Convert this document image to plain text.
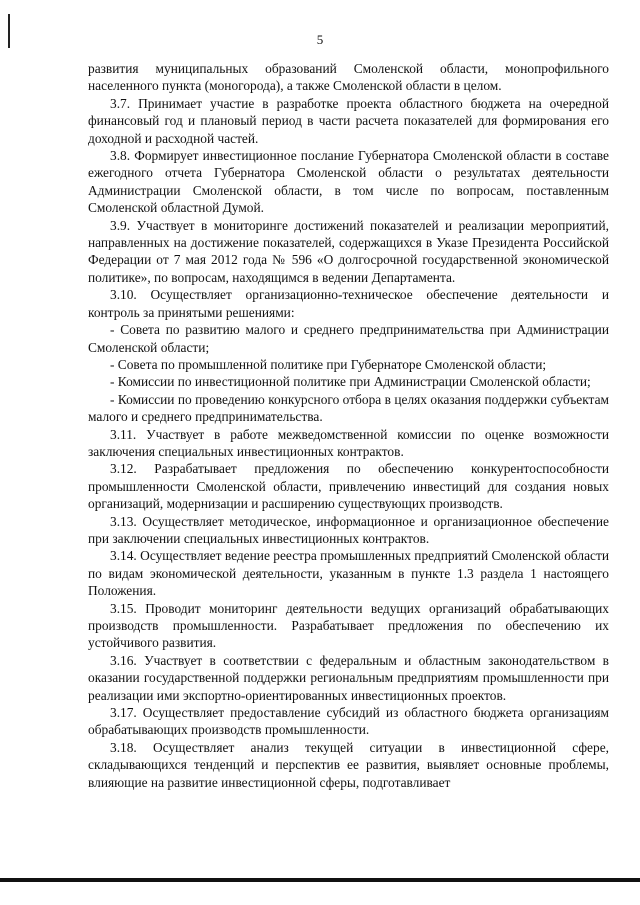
5

развития муниципальных образований Смоленской области, монопрофильного населенного пункта (моногорода), а также Смоленской области в целом.

3.7. Принимает участие в разработке проекта областного бюджета на очередной финансовый год и плановый период в части расчета показателей для формирования его доходной и расходной частей.

3.8. Формирует инвестиционное послание Губернатора Смоленской области в составе ежегодного отчета Губернатора Смоленской области о результатах деятельности Администрации Смоленской области, в том числе по вопросам, поставленным Смоленской областной Думой.

3.9. Участвует в мониторинге достижений показателей и реализации мероприятий, направленных на достижение показателей, содержащихся в Указе Президента Российской Федерации от 7 мая 2012 года № 596 «О долгосрочной государственной экономической политике», по вопросам, находящимся в ведении Департамента.

3.10. Осуществляет организационно-техническое обеспечение деятельности и контроль за принятыми решениями:

- Совета по развитию малого и среднего предпринимательства при Администрации Смоленской области;

- Совета по промышленной политике при Губернаторе Смоленской области;

- Комиссии по инвестиционной политике при Администрации Смоленской области;

- Комиссии по проведению конкурсного отбора в целях оказания поддержки субъектам малого и среднего предпринимательства.

3.11. Участвует в работе межведомственной комиссии по оценке возможности заключения специальных инвестиционных контрактов.

3.12. Разрабатывает предложения по обеспечению конкурентоспособности промышленности Смоленской области, привлечению инвестиций для создания новых организаций, модернизации и расширению существующих производств.

3.13. Осуществляет методическое, информационное и организационное обеспечение при заключении специальных инвестиционных контрактов.

3.14. Осуществляет ведение реестра промышленных предприятий Смоленской области по видам экономической деятельности, указанным в пункте 1.3 раздела 1 настоящего Положения.

3.15. Проводит мониторинг деятельности ведущих организаций обрабатывающих производств промышленности. Разрабатывает предложения по обеспечению их устойчивого развития.

3.16. Участвует в соответствии с федеральным и областным законодательством в оказании государственной поддержки региональным предприятиям промышленности при реализации ими экспортно-ориентированных инвестиционных проектов.

3.17. Осуществляет предоставление субсидий из областного бюджета организациям обрабатывающих производств промышленности.

3.18. Осуществляет анализ текущей ситуации в инвестиционной сфере, складывающихся тенденций и перспектив ее развития, выявляет основные проблемы, влияющие на развитие инвестиционной сферы, подготавливает
